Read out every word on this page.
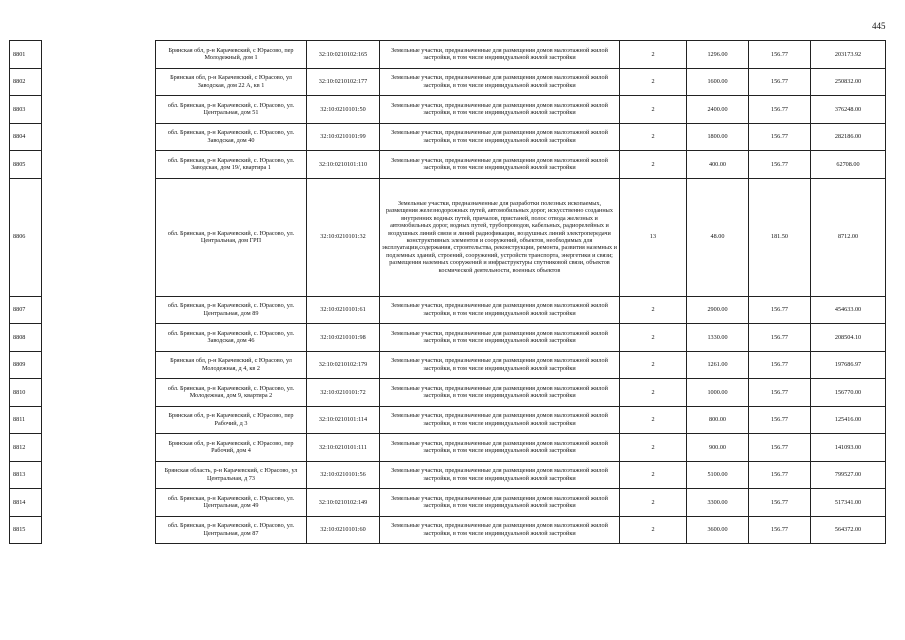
445
8801		Брянская обл, р-н Карачевский, с Юрасово, пер Молодежный, дом 1	32:10:0210102:165	Земельные участки, предназначенные для размещения домов малоэтажной жилой застройки, в том числе индивидуальной жилой застройки	2	1296.00	156.77	203173.92
8802		Брянская обл, р-н Карачевский, с Юрасово, ул Заводская, дом 22 А, кв 1	32:10:0210102:177	Земельные участки, предназначенные для размещения домов малоэтажной жилой застройки, в том числе индивидуальной жилой застройки	2	1600.00	156.77	250832.00
8803		обл. Брянская, р-н Карачевский, с. Юрасово, ул. Центральная, дом 51	32:10:0210101:50	Земельные участки, предназначенные для размещения домов малоэтажной жилой застройки, в том числе индивидуальной жилой застройки	2	2400.00	156.77	376248.00
8804		обл. Брянская, р-н Карачевский, с. Юрасово, ул. Заводская, дом 40	32:10:0210101:99	Земельные участки, предназначенные для размещения домов малоэтажной жилой застройки, в том числе индивидуальной жилой застройки	2	1800.00	156.77	282186.00
8805		обл. Брянская, р-н Карачевский, с. Юрасово, ул. Заводская, дом 19/, квартира 1	32:10:0210101:110	Земельные участки, предназначенные для размещения домов малоэтажной жилой застройки, в том числе индивидуальной жилой застройки	2	400.00	156.77	62708.00
8806		обл. Брянская, р-н Карачевский, с. Юрасово, ул. Центральная, дом ГРП	32:10:0210101:32	Земельные участки, предназначенные для разработки полезных ископаемых, размещения железнодорожных путей, автомобильных дорог, искусственно созданных внутренних водных путей, причалов, пристаней, полос отвода железных и автомобильных дорог, водных путей, трубопроводов, кабельных, радиорелейных и воздушных линий связи и линий радиофикации, воздушных линий электропередачи конструктивных элементов и сооружений, объектов, необходимых для эксплуатации,содержания, строительства, реконструкции, ремонта, развития наземных и подземных зданий, строений, сооружений, устройств транспорта, энергетики и связи; размещения наземных сооружений и инфраструктуры спутниковой связи, объектов космической деятельности, военных объектов	13	48.00	181.50	8712.00
8807		обл. Брянская, р-н Карачевский, с. Юрасово, ул. Центральная, дом 89	32:10:0210101:61	Земельные участки, предназначенные для размещения домов малоэтажной жилой застройки, в том числе индивидуальной жилой застройки	2	2900.00	156.77	454633.00
8808		обл. Брянская, р-н Карачевский, с. Юрасово, ул. Заводская, дом 46	32:10:0210101:98	Земельные участки, предназначенные для размещения домов малоэтажной жилой застройки, в том числе индивидуальной жилой застройки	2	1330.00	156.77	208504.10
8809		Брянская обл, р-н Карачевский, с Юрасово, ул Молодежная, д 4, кв 2	32:10:0210102:179	Земельные участки, предназначенные для размещения домов малоэтажной жилой застройки, в том числе индивидуальной жилой застройки	2	1261.00	156.77	197686.97
8810		обл. Брянская, р-н Карачевский, с. Юрасово, ул. Молодежная, дом 9, квартира 2	32:10:0210101:72	Земельные участки, предназначенные для размещения домов малоэтажной жилой застройки, в том числе индивидуальной жилой застройки	2	1000.00	156.77	156770.00
8811		Брянская обл, р-н Карачевский, с Юрасово, пер Рабочий, д 3	32:10:0210101:114	Земельные участки, предназначенные для размещения домов малоэтажной жилой застройки, в том числе индивидуальной жилой застройки	2	800.00	156.77	125416.00
8812		Брянская обл, р-н Карачевский, с Юрасово, пер Рабочий, дом 4	32:10:0210101:111	Земельные участки, предназначенные для размещения домов малоэтажной жилой застройки, в том числе индивидуальной жилой застройки	2	900.00	156.77	141093.00
8813		Брянская область, р-н Карачевский, с Юрасово, ул Центральная, д 73	32:10:0210101:56	Земельные участки, предназначенные для размещения домов малоэтажной жилой застройки, в том числе индивидуальной жилой застройки	2	5100.00	156.77	799527.00
8814		обл. Брянская, р-н Карачевский, с. Юрасово, ул. Центральная, дом 49	32:10:0210102:149	Земельные участки, предназначенные для размещения домов малоэтажной жилой застройки, в том числе индивидуальной жилой застройки	2	3300.00	156.77	517341.00
8815		обл. Брянская, р-н Карачевский, с. Юрасово, ул. Центральная, дом 87	32:10:0210101:60	Земельные участки, предназначенные для размещения домов малоэтажной жилой застройки, в том числе индивидуальной жилой застройки	2	3600.00	156.77	564372.00
